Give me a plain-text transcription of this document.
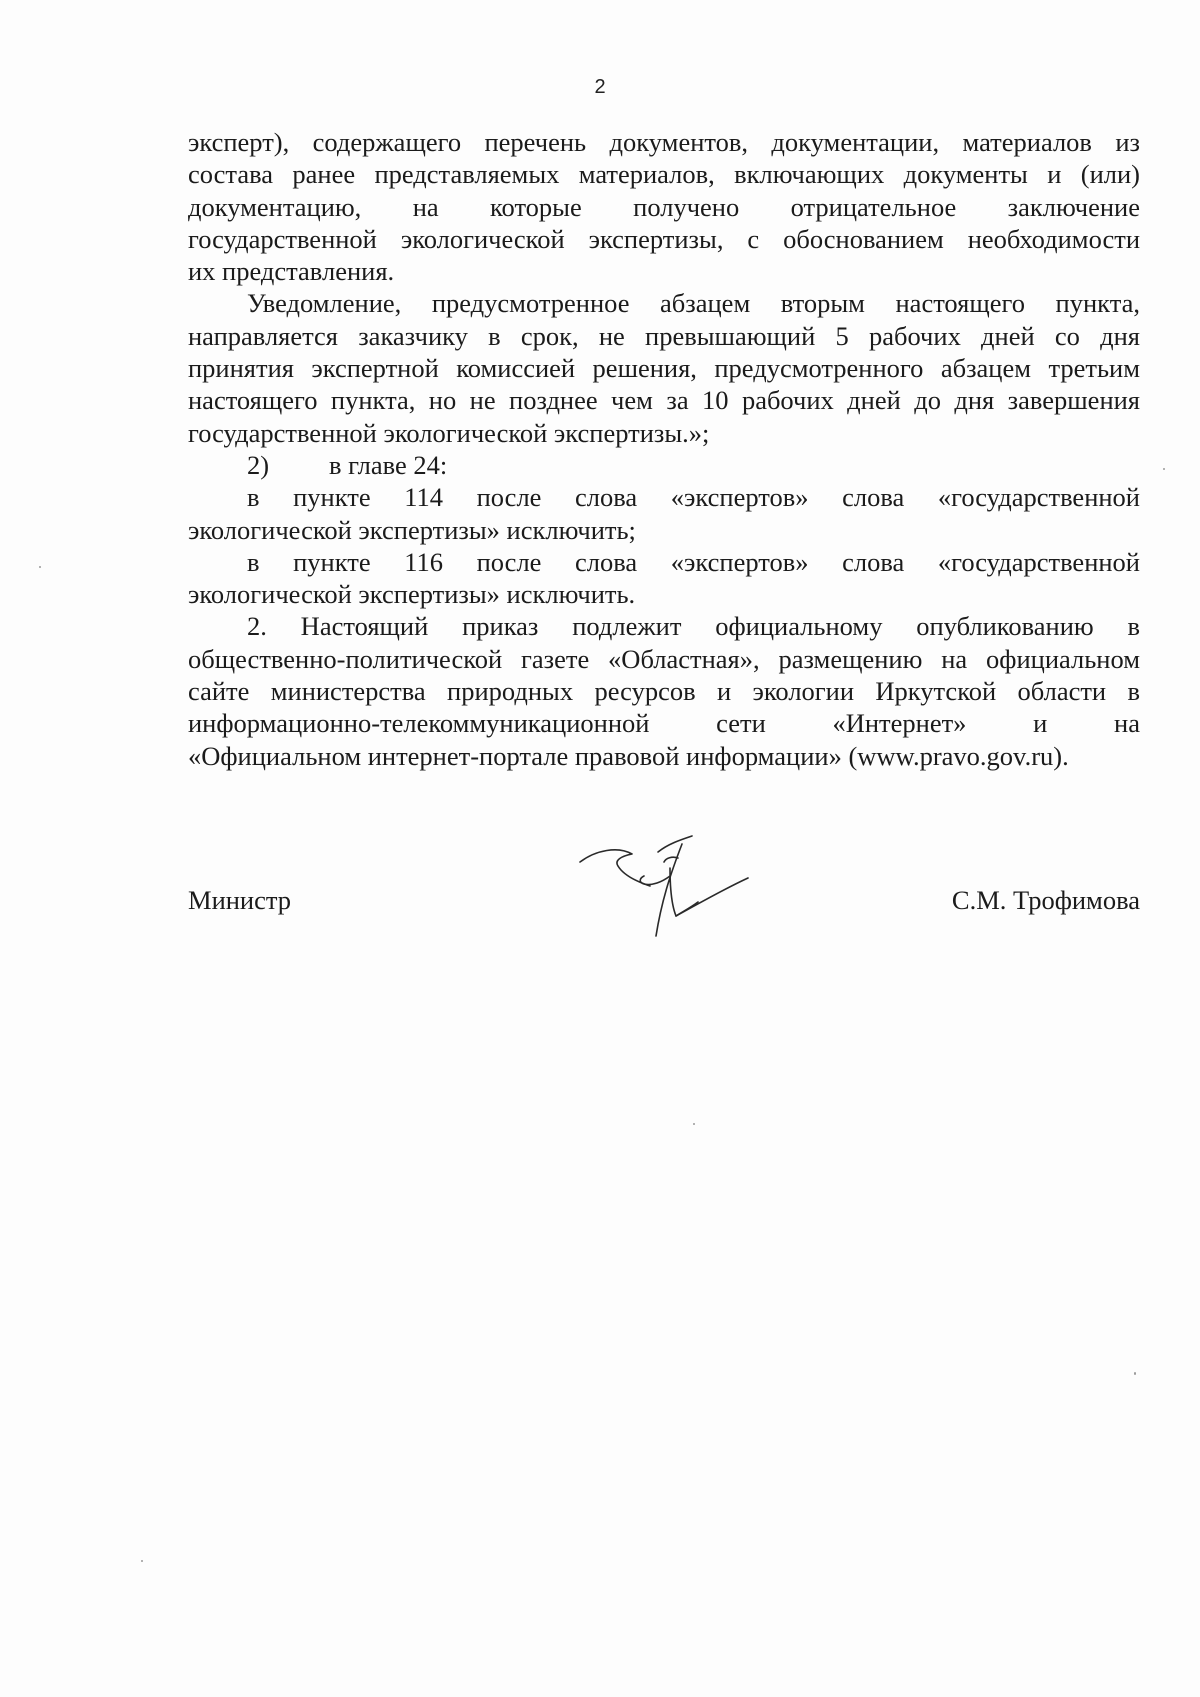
2
эксперт), содержащего перечень документов, документации, материалов из
состава ранее представляемых материалов, включающих документы и (или)
документацию, на которые получено отрицательное заключение
государственной экологической экспертизы, с обоснованием необходимости
их представления.
Уведомление, предусмотренное абзацем вторым настоящего пункта,
направляется заказчику в срок, не превышающий 5 рабочих дней со дня
принятия экспертной комиссией решения, предусмотренного абзацем третьим
настоящего пункта, но не позднее чем за 10 рабочих дней до дня завершения
государственной экологической экспертизы.»;
2) в главе 24:
в пункте 114 после слова «экспертов» слова «государственной
экологической экспертизы» исключить;
в пункте 116 после слова «экспертов» слова «государственной
экологической экспертизы» исключить.
2. Настоящий приказ подлежит официальному опубликованию в
общественно-политической газете «Областная», размещению на официальном
сайте министерства природных ресурсов и экологии Иркутской области в
информационно-телекоммуникационной сети «Интернет» и на
«Официальном интернет-портале правовой информации» (www.pravo.gov.ru).
Министр	С.М. Трофимова
